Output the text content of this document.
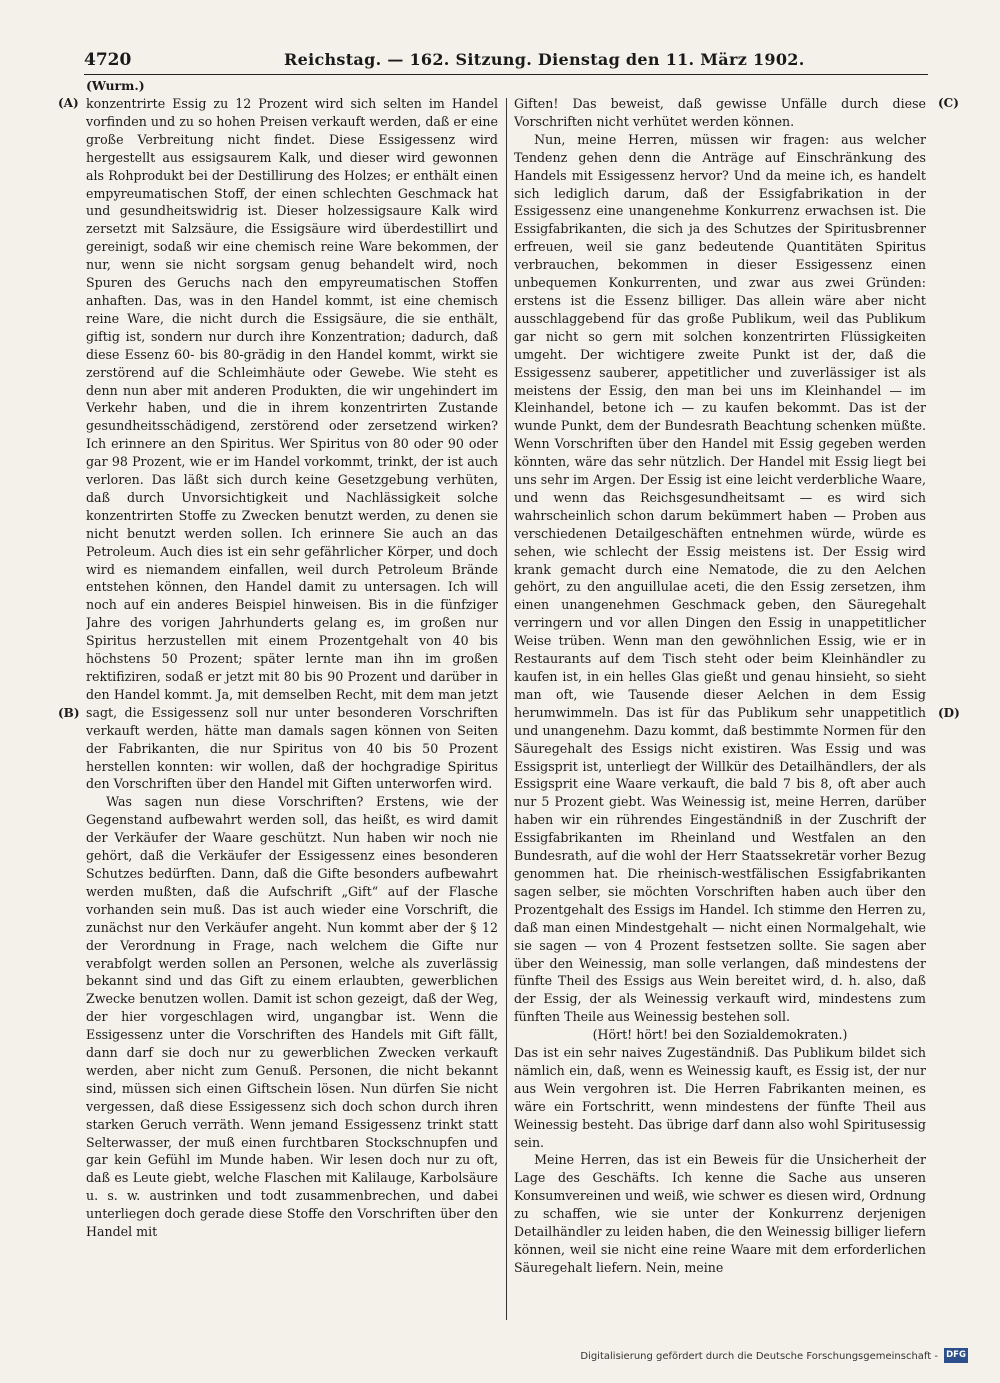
4720	Reichstag. — 162. Sitzung. Dienstag den 11. März 1902.
(Wurm.)
(A)
(B)
(C)
(D)

konzentrirte Essig zu 12 Prozent wird sich selten im Handel vorfinden und zu so hohen Preisen verkauft werden, daß er eine große Verbreitung nicht findet. Diese Essigessenz wird hergestellt aus essigsaurem Kalk, und dieser wird gewonnen als Rohprodukt bei der Destillirung des Holzes; er enthält einen empyreumatischen Stoff, der einen schlechten Geschmack hat und gesundheitswidrig ist. Dieser holzessigsaure Kalk wird zersetzt mit Salzsäure, die Essigsäure wird überdestillirt und gereinigt, sodaß wir eine chemisch reine Ware bekommen, der nur, wenn sie nicht sorgsam genug behandelt wird, noch Spuren des Geruchs nach den empyreumatischen Stoffen anhaften. Das, was in den Handel kommt, ist eine chemisch reine Ware, die nicht durch die Essigsäure, die sie enthält, giftig ist, sondern nur durch ihre Konzentration; dadurch, daß diese Essenz 60- bis 80-grädig in den Handel kommt, wirkt sie zerstörend auf die Schleimhäute oder Gewebe. Wie steht es denn nun aber mit anderen Produkten, die wir ungehindert im Verkehr haben, und die in ihrem konzentrirten Zustande gesundheitsschädigend, zerstörend oder zersetzend wirken? Ich erinnere an den Spiritus. Wer Spiritus von 80 oder 90 oder gar 98 Prozent, wie er im Handel vorkommt, trinkt, der ist auch verloren. Das läßt sich durch keine Gesetzgebung verhüten, daß durch Unvorsichtigkeit und Nachlässigkeit solche konzentrirten Stoffe zu Zwecken benutzt werden, zu denen sie nicht benutzt werden sollen. Ich erinnere Sie auch an das Petroleum. Auch dies ist ein sehr gefährlicher Körper, und doch wird es niemandem einfallen, weil durch Petroleum Brände entstehen können, den Handel damit zu untersagen. Ich will noch auf ein anderes Beispiel hinweisen. Bis in die fünfziger Jahre des vorigen Jahrhunderts gelang es, im großen nur Spiritus herzustellen mit einem Prozentgehalt von 40 bis höchstens 50 Prozent; später lernte man ihn im großen rektifiziren, sodaß er jetzt mit 80 bis 90 Prozent und darüber in den Handel kommt. Ja, mit demselben Recht, mit dem man jetzt sagt, die Essigessenz soll nur unter besonderen Vorschriften verkauft werden, hätte man damals sagen können von Seiten der Fabrikanten, die nur Spiritus von 40 bis 50 Prozent herstellen konnten: wir wollen, daß der hochgradige Spiritus den Vorschriften über den Handel mit Giften unterworfen wird.

Was sagen nun diese Vorschriften? Erstens, wie der Gegenstand aufbewahrt werden soll, das heißt, es wird damit der Verkäufer der Waare geschützt. Nun haben wir noch nie gehört, daß die Verkäufer der Essigessenz eines besonderen Schutzes bedürften. Dann, daß die Gifte besonders aufbewahrt werden mußten, daß die Aufschrift „Gift“ auf der Flasche vorhanden sein muß. Das ist auch wieder eine Vorschrift, die zunächst nur den Verkäufer angeht. Nun kommt aber der § 12 der Verordnung in Frage, nach welchem die Gifte nur verabfolgt werden sollen an Personen, welche als zuverlässig bekannt sind und das Gift zu einem erlaubten, gewerblichen Zwecke benutzen wollen. Damit ist schon gezeigt, daß der Weg, der hier vorgeschlagen wird, ungangbar ist. Wenn die Essigessenz unter die Vorschriften des Handels mit Gift fällt, dann darf sie doch nur zu gewerblichen Zwecken verkauft werden, aber nicht zum Genuß. Personen, die nicht bekannt sind, müssen sich einen Giftschein lösen. Nun dürfen Sie nicht vergessen, daß diese Essigessenz sich doch schon durch ihren starken Geruch verräth. Wenn jemand Essigessenz trinkt statt Selterwasser, der muß einen furchtbaren Stockschnupfen und gar kein Gefühl im Munde haben. Wir lesen doch nur zu oft, daß es Leute giebt, welche Flaschen mit Kalilauge, Karbolsäure u. s. w. austrinken und todt zusammenbrechen, und dabei unterliegen doch gerade diese Stoffe den Vorschriften über den Handel mit

Giften! Das beweist, daß gewisse Unfälle durch diese Vorschriften nicht verhütet werden können.

Nun, meine Herren, müssen wir fragen: aus welcher Tendenz gehen denn die Anträge auf Einschränkung des Handels mit Essigessenz hervor? Und da meine ich, es handelt sich lediglich darum, daß der Essigfabrikation in der Essigessenz eine unangenehme Konkurrenz erwachsen ist. Die Essigfabrikanten, die sich ja des Schutzes der Spiritusbrenner erfreuen, weil sie ganz bedeutende Quantitäten Spiritus verbrauchen, bekommen in dieser Essigessenz einen unbequemen Konkurrenten, und zwar aus zwei Gründen: erstens ist die Essenz billiger. Das allein wäre aber nicht ausschlaggebend für das große Publikum, weil das Publikum gar nicht so gern mit solchen konzentrirten Flüssigkeiten umgeht. Der wichtigere zweite Punkt ist der, daß die Essigessenz sauberer, appetitlicher und zuverlässiger ist als meistens der Essig, den man bei uns im Kleinhandel — im Kleinhandel, betone ich — zu kaufen bekommt. Das ist der wunde Punkt, dem der Bundesrath Beachtung schenken müßte. Wenn Vorschriften über den Handel mit Essig gegeben werden könnten, wäre das sehr nützlich. Der Handel mit Essig liegt bei uns sehr im Argen. Der Essig ist eine leicht verderbliche Waare, und wenn das Reichsgesundheitsamt — es wird sich wahrscheinlich schon darum bekümmert haben — Proben aus verschiedenen Detailgeschäften entnehmen würde, würde es sehen, wie schlecht der Essig meistens ist. Der Essig wird krank gemacht durch eine Nematode, die zu den Aelchen gehört, zu den anguillulae aceti, die den Essig zersetzen, ihm einen unangenehmen Geschmack geben, den Säuregehalt verringern und vor allen Dingen den Essig in unappetitlicher Weise trüben. Wenn man den gewöhnlichen Essig, wie er in Restaurants auf dem Tisch steht oder beim Kleinhändler zu kaufen ist, in ein helles Glas gießt und genau hinsieht, so sieht man oft, wie Tausende dieser Aelchen in dem Essig herumwimmeln. Das ist für das Publikum sehr unappetitlich und unangenehm. Dazu kommt, daß bestimmte Normen für den Säuregehalt des Essigs nicht existiren. Was Essig und was Essigsprit ist, unterliegt der Willkür des Detailhändlers, der als Essigsprit eine Waare verkauft, die bald 7 bis 8, oft aber auch nur 5 Prozent giebt. Was Weinessig ist, meine Herren, darüber haben wir ein rührendes Eingeständniß in der Zuschrift der Essigfabrikanten im Rheinland und Westfalen an den Bundesrath, auf die wohl der Herr Staatssekretär vorher Bezug genommen hat. Die rheinisch-westfälischen Essigfabrikanten sagen selber, sie möchten Vorschriften haben auch über den Prozentgehalt des Essigs im Handel. Ich stimme den Herren zu, daß man einen Mindestgehalt — nicht einen Normalgehalt, wie sie sagen — von 4 Prozent festsetzen sollte. Sie sagen aber über den Weinessig, man solle verlangen, daß mindestens der fünfte Theil des Essigs aus Wein bereitet wird, d. h. also, daß der Essig, der als Weinessig verkauft wird, mindestens zum fünften Theile aus Weinessig bestehen soll.

(Hört! hört! bei den Sozialdemokraten.)

Das ist ein sehr naives Zugeständniß. Das Publikum bildet sich nämlich ein, daß, wenn es Weinessig kauft, es Essig ist, der nur aus Wein vergohren ist. Die Herren Fabrikanten meinen, es wäre ein Fortschritt, wenn mindestens der fünfte Theil aus Weinessig besteht. Das übrige darf dann also wohl Spiritusessig sein.

Meine Herren, das ist ein Beweis für die Unsicherheit der Lage des Geschäfts. Ich kenne die Sache aus unseren Konsumvereinen und weiß, wie schwer es diesen wird, Ordnung zu schaffen, wie sie unter der Konkurrenz derjenigen Detailhändler zu leiden haben, die den Weinessig billiger liefern können, weil sie nicht eine reine Waare mit dem erforderlichen Säuregehalt liefern. Nein, meine

Digitalisierung gefördert durch die Deutsche Forschungsgemeinschaft - DFG
